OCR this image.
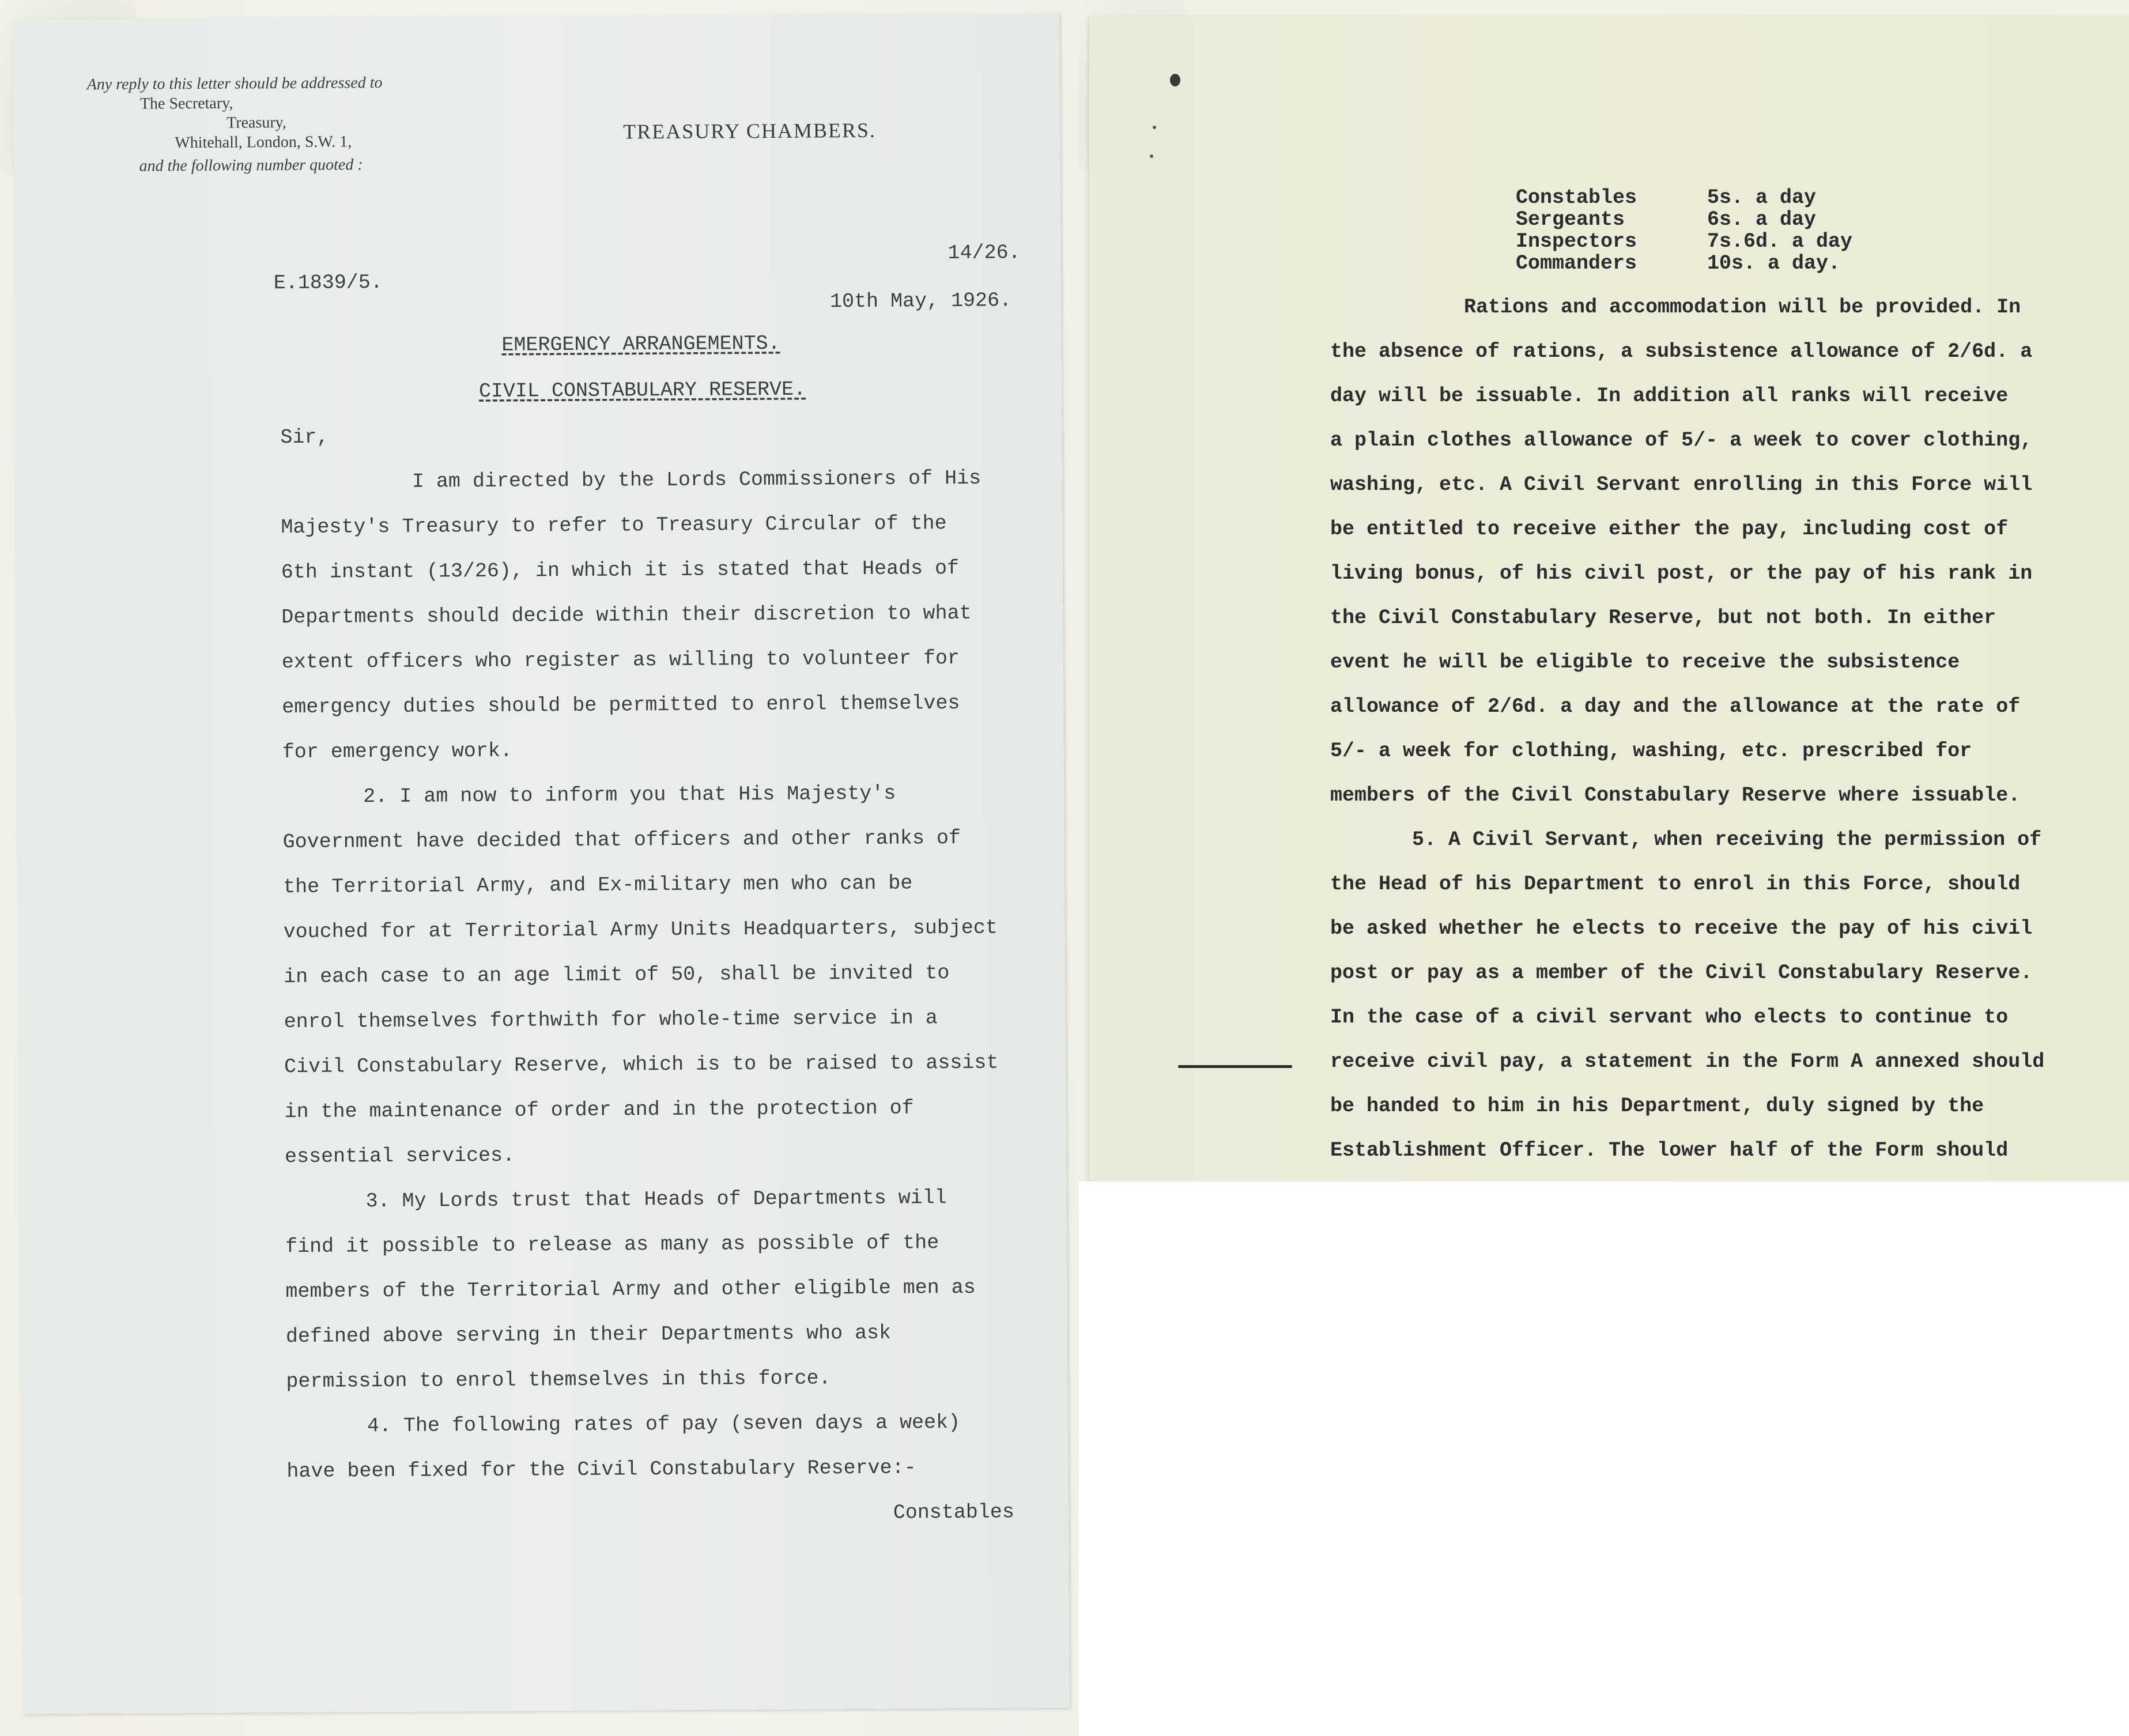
Any reply to this letter should be addressed to
The Secretary,
Treasury,
Whitehall, London, S.W. 1,
and the following number quoted :
TREASURY CHAMBERS.
14/26.
E.1839/5.
10th May, 1926.
EMERGENCY ARRANGEMENTS.
CIVIL CONSTABULARY RESERVE.
Sir,
I am directed by the Lords Commissioners of His
Majesty's Treasury to refer to Treasury Circular of the
6th instant (13/26), in which it is stated that Heads of
Departments should decide within their discretion to what
extent officers who register as willing to volunteer for
emergency duties should be permitted to enrol themselves
for emergency work.
2. I am now to inform you that His Majesty's
Government have decided that officers and other ranks of
the Territorial Army, and Ex-military men who can be
vouched for at Territorial Army Units Headquarters, subject
in each case to an age limit of 50, shall be invited to
enrol themselves forthwith for whole-time service in a
Civil Constabulary Reserve, which is to be raised to assist
in the maintenance of order and in the protection of
essential services.
3. My Lords trust that Heads of Departments will
find it possible to release as many as possible of the
members of the Territorial Army and other eligible men as
defined above serving in their Departments who ask
permission to enrol themselves in this force.
4. The following rates of pay (seven days a week)
have been fixed for the Civil Constabulary Reserve:-
Constables
Constables	5s. a day
Sergeants	6s. a day
Inspectors	7s.6d. a day
Commanders	10s. a day.
Rations and accommodation will be provided. In
the absence of rations, a subsistence allowance of 2/6d. a
day will be issuable. In addition all ranks will receive
a plain clothes allowance of 5/- a week to cover clothing,
washing, etc. A Civil Servant enrolling in this Force will
be entitled to receive either the pay, including cost of
living bonus, of his civil post, or the pay of his rank in
the Civil Constabulary Reserve, but not both. In either
event he will be eligible to receive the subsistence
allowance of 2/6d. a day and the allowance at the rate of
5/- a week for clothing, washing, etc. prescribed for
members of the Civil Constabulary Reserve where issuable.
5. A Civil Servant, when receiving the permission of
the Head of his Department to enrol in this Force, should
be asked whether he elects to receive the pay of his civil
post or pay as a member of the Civil Constabulary Reserve.
In the case of a civil servant who elects to continue to
receive civil pay, a statement in the Form A annexed should
be handed to him in his Department, duly signed by the
Establishment Officer. The lower half of the Form should
